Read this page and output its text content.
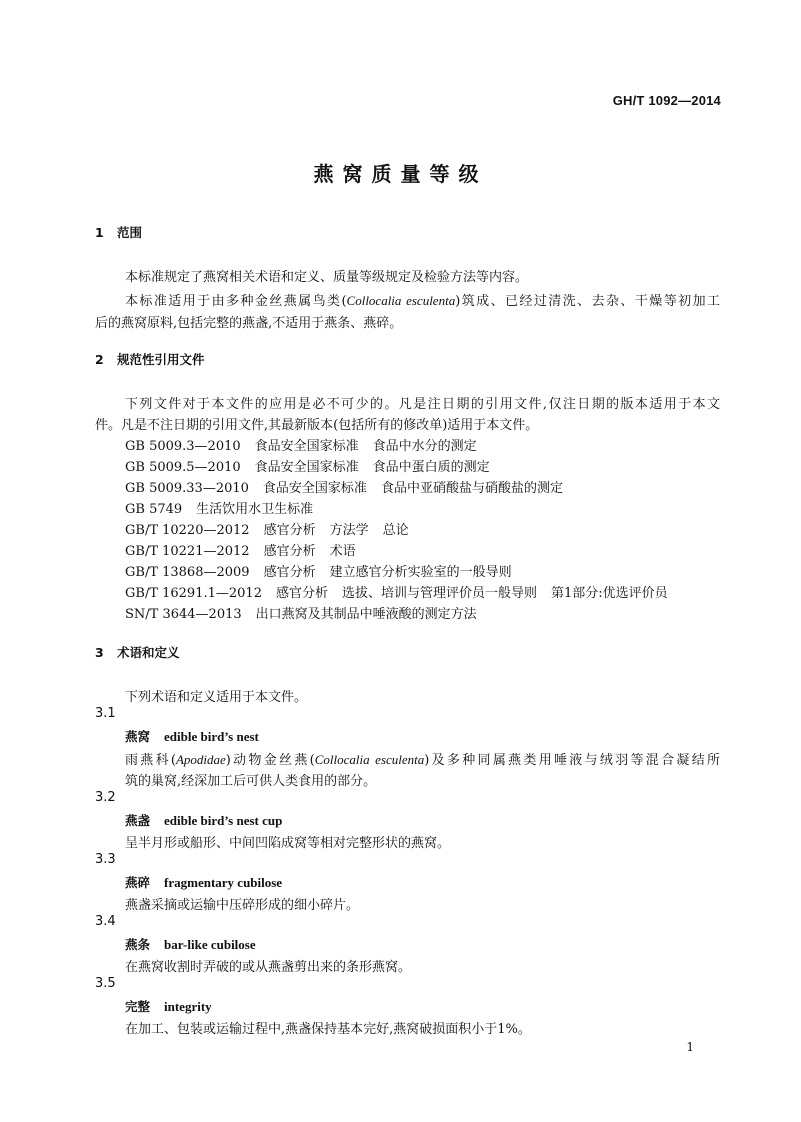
GH/T 1092—2014
燕窝质量等级
1 范围
本标准规定了燕窝相关术语和定义、质量等级规定及检验方法等内容。
本标准适用于由多种金丝燕属鸟类(Collocalia esculenta)筑成、已经过清洗、去杂、干燥等初加工
后的燕窝原料,包括完整的燕盏,不适用于燕条、燕碎。
2 规范性引用文件
下列文件对于本文件的应用是必不可少的。凡是注日期的引用文件,仅注日期的版本适用于本文
件。凡是不注日期的引用文件,其最新版本(包括所有的修改单)适用于本文件。
GB 5009.3—2010 食品安全国家标准 食品中水分的测定
GB 5009.5—2010 食品安全国家标准 食品中蛋白质的测定
GB 5009.33—2010 食品安全国家标准 食品中亚硝酸盐与硝酸盐的测定
GB 5749 生活饮用水卫生标准
GB/T 10220—2012 感官分析 方法学 总论
GB/T 10221—2012 感官分析 术语
GB/T 13868—2009 感官分析 建立感官分析实验室的一般导则
GB/T 16291.1—2012 感官分析 选拔、培训与管理评价员一般导则 第1部分:优选评价员
SN/T 3644—2013 出口燕窝及其制品中唾液酸的测定方法
3 术语和定义
下列术语和定义适用于本文件。
3.1
燕窝 edible bird’s nest
雨燕科(Apodidae)动物金丝燕(Collocalia esculenta)及多种同属燕类用唾液与绒羽等混合凝结所
筑的巢窝,经深加工后可供人类食用的部分。
3.2
燕盏 edible bird’s nest cup
呈半月形或船形、中间凹陷成窝等相对完整形状的燕窝。
3.3
燕碎 fragmentary cubilose
燕盏采摘或运输中压碎形成的细小碎片。
3.4
燕条 bar-like cubilose
在燕窝收割时弄破的或从燕盏剪出来的条形燕窝。
3.5
完整 integrity
在加工、包装或运输过程中,燕盏保持基本完好,燕窝破损面积小于1%。
1
